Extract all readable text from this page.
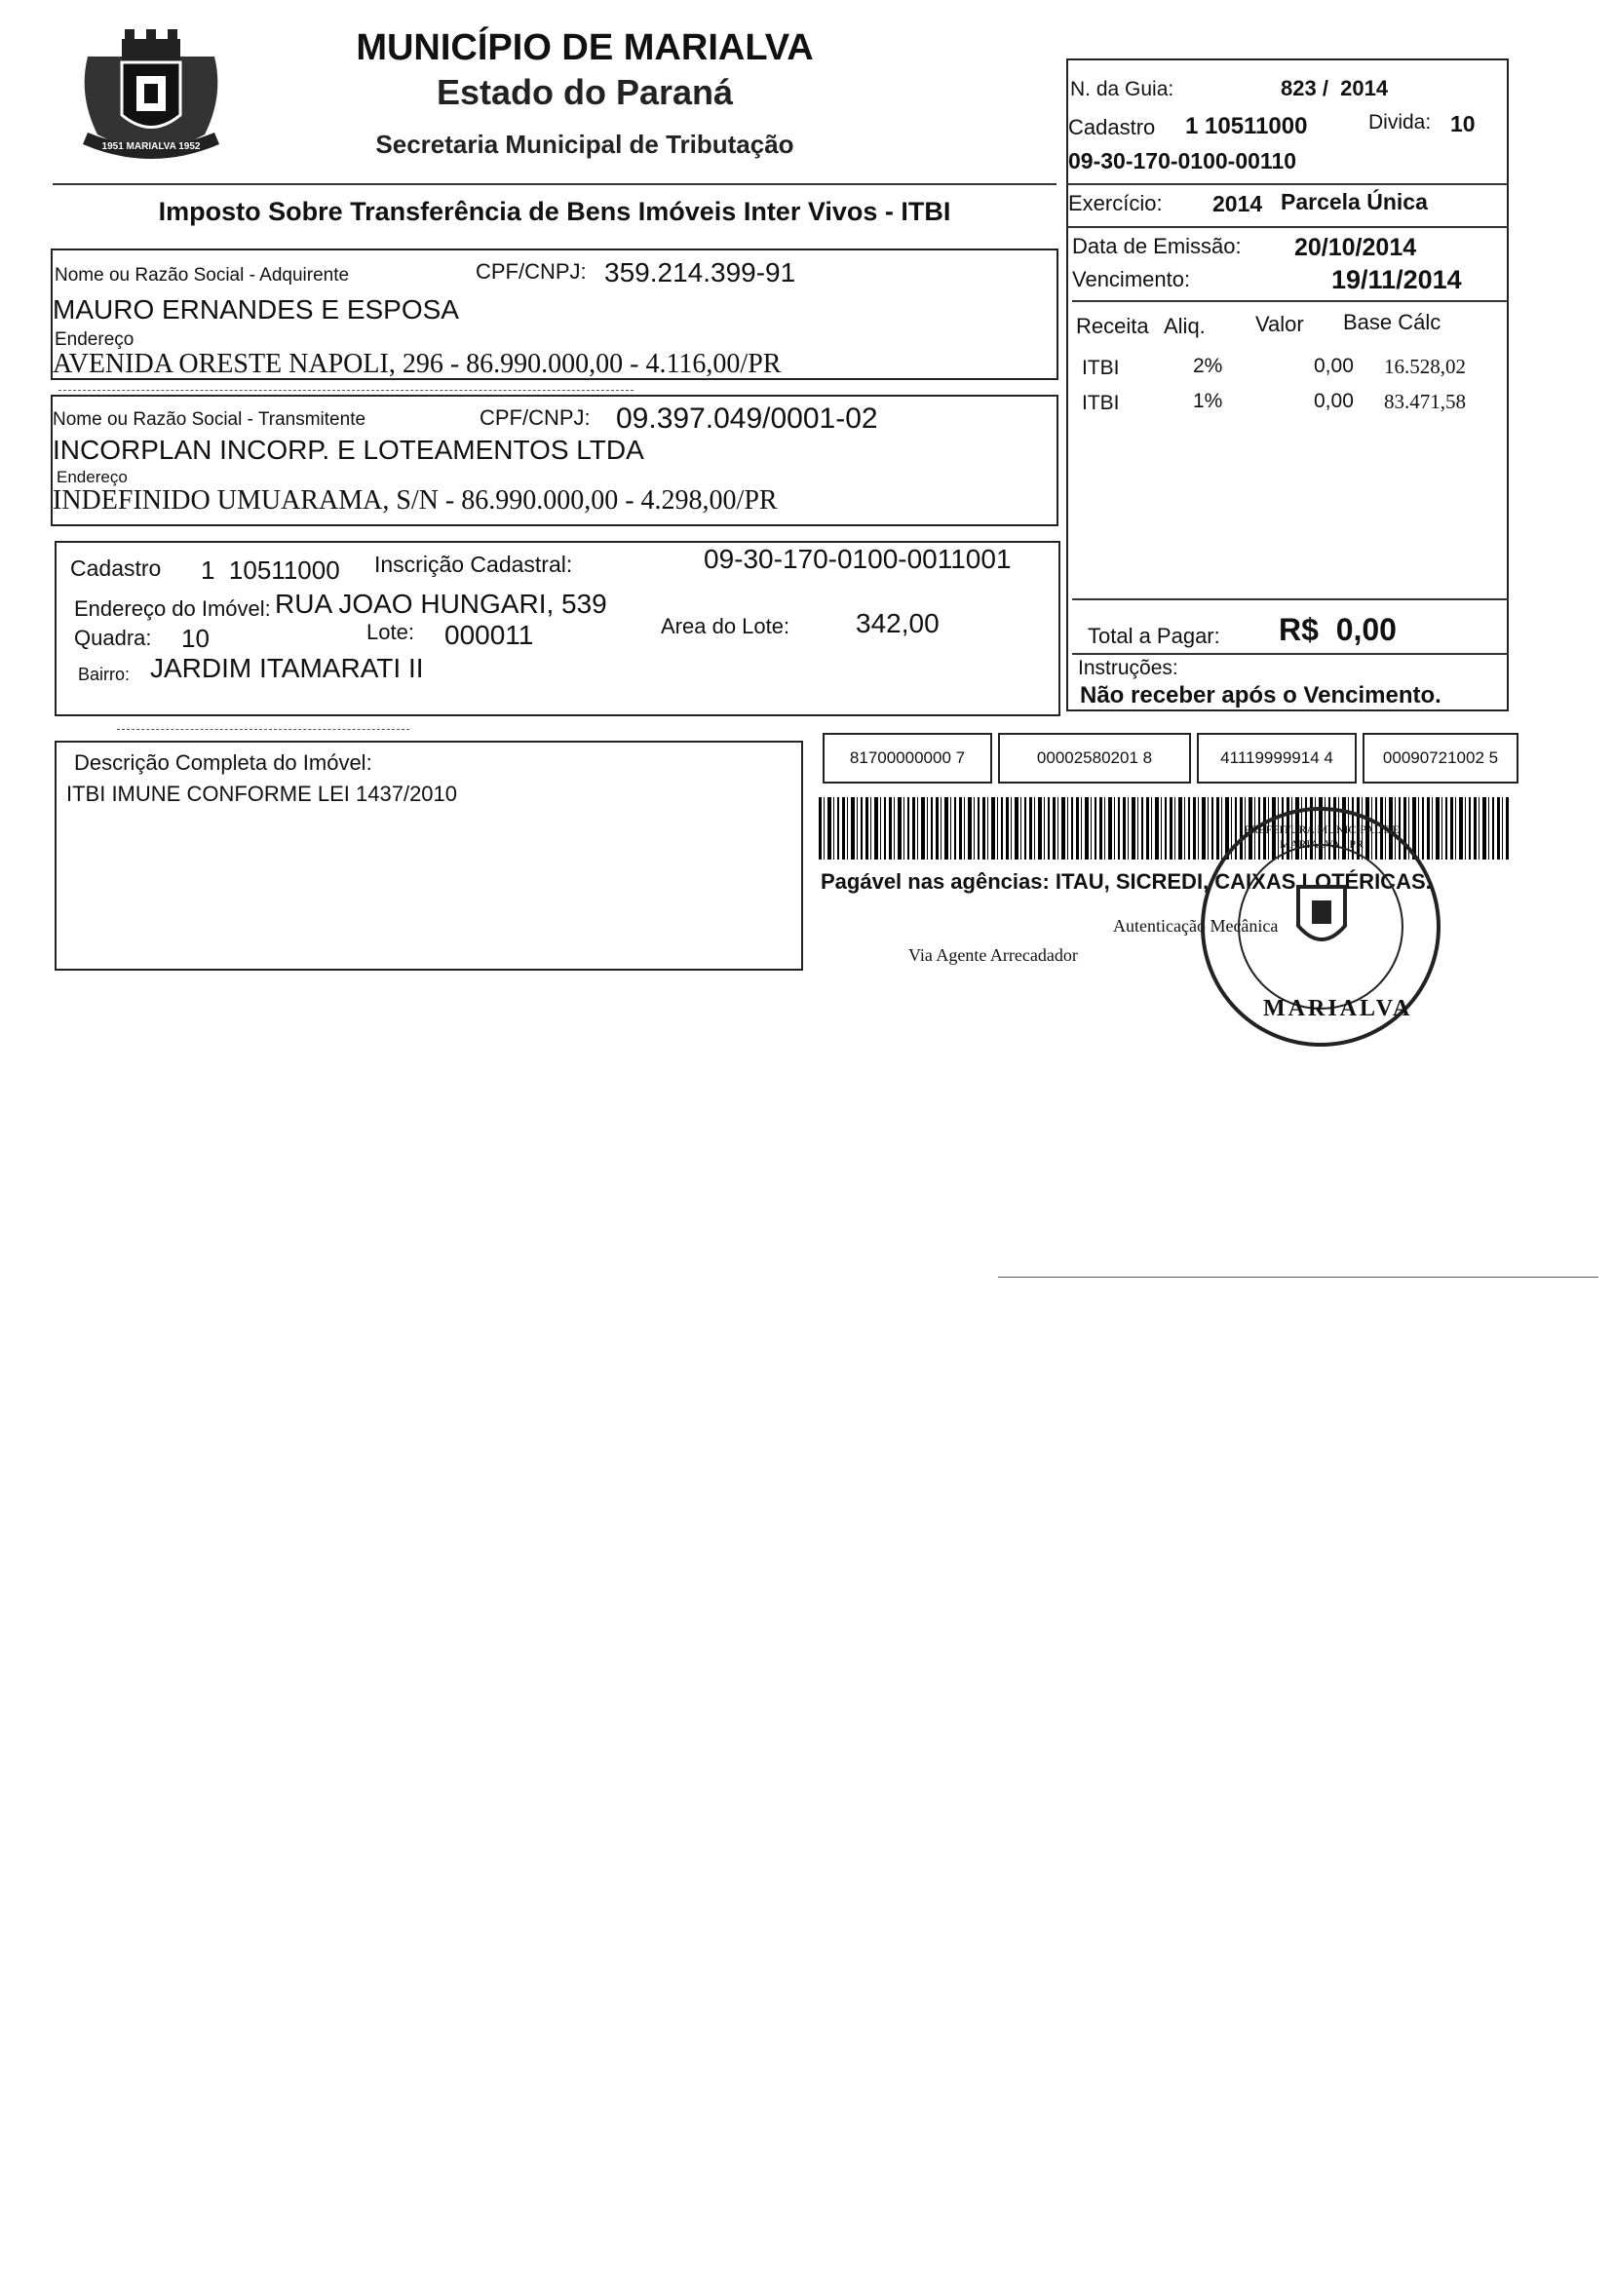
1951 MARIALVA 1952
MUNICÍPIO DE MARIALVA
Estado do Paraná
Secretaria Municipal de Tributação
Imposto Sobre Transferência de Bens Imóveis Inter Vivos - ITBI
Nome ou Razão Social - Adquirente	CPF/CNPJ: 359.214.399-91
MAURO ERNANDES E ESPOSA
Endereço
AVENIDA ORESTE NAPOLI, 296 - 86.990.000,00 - 4.116,00/PR
Nome ou Razão Social - Transmitente	CPF/CNPJ: 09.397.049/0001-02
INCORPLAN INCORP. E LOTEAMENTOS LTDA
Endereço
INDEFINIDO UMUARAMA, S/N - 86.990.000,00 - 4.298,00/PR
Cadastro 1  10511000 Inscrição Cadastral:	09-30-170-0100-0011001
Endereço do Imóvel: RUA JOAO HUNGARI, 539
Quadra: 10	Lote: 000011	Area do Lote: 342,00
Bairro: JARDIM ITAMARATI II
Descrição Completa do Imóvel:
ITBI IMUNE CONFORME LEI 1437/2010
N. da Guia:	823 /  2014
Cadastro 1 10511000	Divida: 10
09-30-170-0100-00110
Exercício: 2014 Parcela Única
Data de Emissão: 20/10/2014
Vencimento:	19/11/2014
Receita Aliq. Valor Base Cálc
ITBI	2%	0,00 16.528,02
ITBI	1%	0,00 83.471,58
Total a Pagar: R$  0,00
Instruções:
Não receber após o Vencimento.
81700000000 7	00002580201 8	41119999914 4	00090721002 5
Pagável nas agências: ITAU, SICREDI, CAIXAS LOTÉRICAS.
Autenticação Mecânica
Via Agente Arrecadador
MARIALVA
PREFEITURA MUNICIPAL DE MARIALVA - PR
